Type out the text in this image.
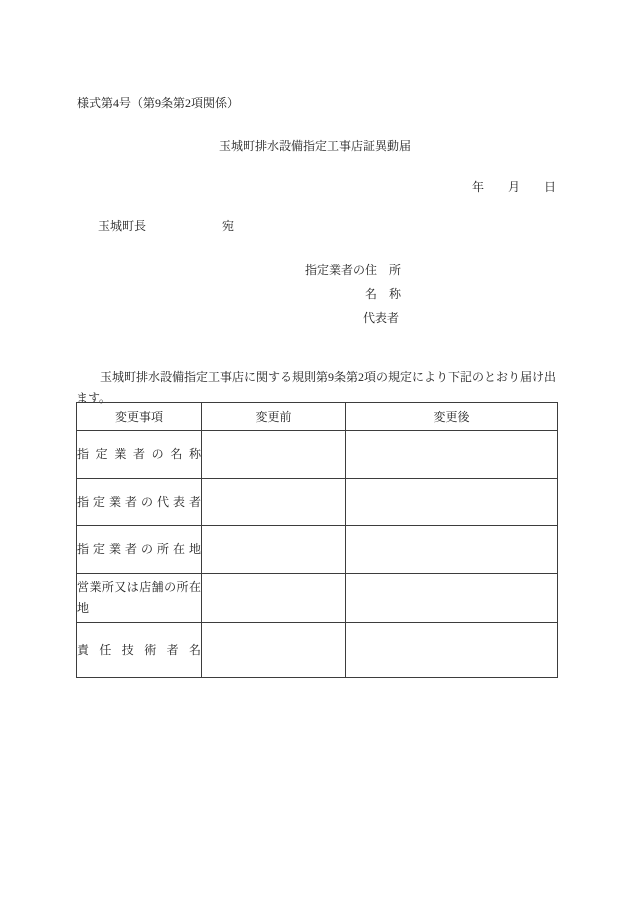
様式第4号（第9条第2項関係）
玉城町排水設備指定工事店証異動届
年　　月　　日
玉城町長	宛
指定業者の住　所
名　称
代表者
　　玉城町排水設備指定工事店に関する規則第9条第2項の規定により下記のとおり届け出
ます。
変更事項	変更前	変更後
指定業者の名称		
指定業者の代表者		
指定業者の所在地		
営業所又は店舗の所在地		
責任技術者名		
